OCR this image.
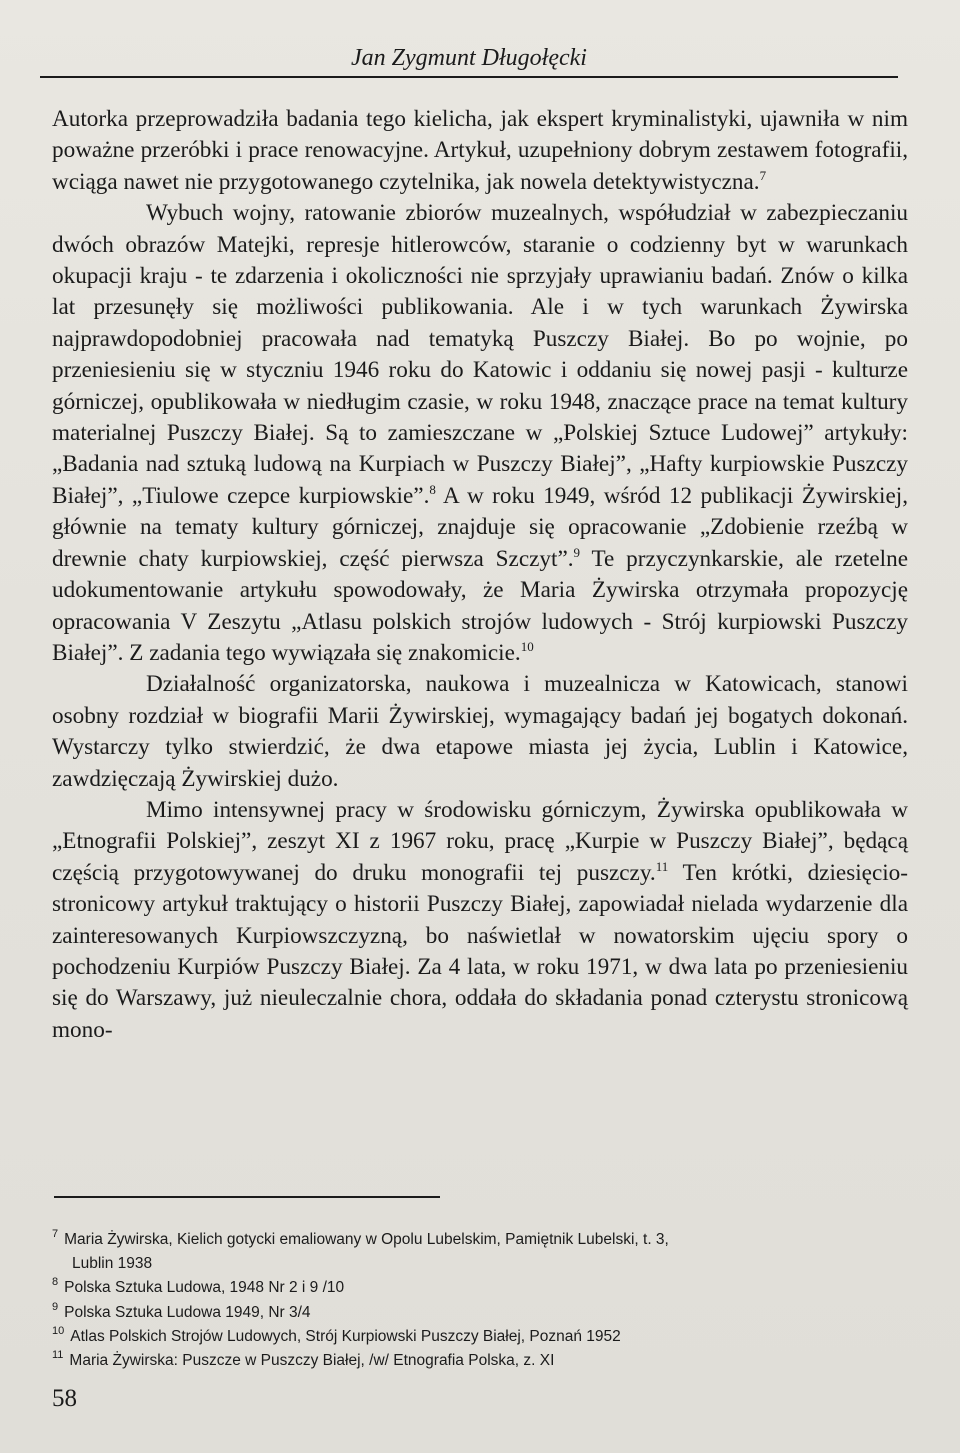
Jan Zygmunt Długołęcki

Autorka przeprowadziła badania tego kielicha, jak ekspert kryminalistyki, ujawniła w nim poważne przeróbki i prace renowacyjne. Artykuł, uzupełniony dobrym zestawem fotografii, wciąga nawet nie przygotowanego czytelnika, jak nowela detektywistyczna.$^7$

Wybuch wojny, ratowanie zbiorów muzealnych, współudział w zabezpieczaniu dwóch obrazów Matejki, represje hitlerowców, staranie o codzienny byt w warunkach okupacji kraju - te zdarzenia i okoliczności nie sprzyjały uprawianiu badań. Znów o kilka lat przesunęły się możliwości publikowania. Ale i w tych warunkach Żywirska najprawdopodobniej pracowała nad tematyką Puszczy Białej. Bo po wojnie, po przeniesieniu się w styczniu 1946 roku do Katowic i oddaniu się nowej pasji - kulturze górniczej, opublikowała w niedługim czasie, w roku 1948, znaczące prace na temat kultury materialnej Puszczy Białej. Są to zamieszczane w „Polskiej Sztuce Ludowej” artykuły: „Badania nad sztuką ludową na Kurpiach w Puszczy Białej”, „Hafty kurpiowskie Puszczy Białej”, „Tiulowe czepce kurpiowskie”.$^8$ A w roku 1949, wśród 12 publikacji Żywirskiej, głównie na tematy kultury górniczej, znajduje się opracowanie „Zdobienie rzeźbą w drewnie chaty kurpiowskiej, część pierwsza Szczyt”.$^9$ Te przyczynkarskie, ale rzetelne udokumentowanie artykułu spowodowały, że Maria Żywirska otrzymała propozycję opracowania V Zeszytu „Atlasu polskich strojów ludowych - Strój kurpiowski Puszczy Białej”. Z zadania tego wywiązała się znakomicie.$^{10}$

Działalność organizatorska, naukowa i muzealnicza w Katowicach, stanowi osobny rozdział w biografii Marii Żywirskiej, wymagający badań jej bogatych dokonań. Wystarczy tylko stwierdzić, że dwa etapowe miasta jej życia, Lublin i Katowice, zawdzięczają Żywirskiej dużo.

Mimo intensywnej pracy w środowisku górniczym, Żywirska opublikowała w „Etnografii Polskiej”, zeszyt XI z 1967 roku, pracę „Kurpie w Puszczy Białej”, będącą częścią przygotowywanej do druku monografii tej puszczy.$^{11}$ Ten krótki, dziesięcio-stronicowy artykuł traktujący o historii Puszczy Białej, zapowiadał nielada wydarzenie dla zainteresowanych Kurpiowszczyzną, bo naświetlał w nowatorskim ujęciu spory o pochodzeniu Kurpiów Puszczy Białej. Za 4 lata, w roku 1971, w dwa lata po przeniesieniu się do Warszawy, już nieuleczalnie chora, oddała do składania ponad czterystu stronicową mono-

$^7$ Maria Żywirska, Kielich gotycki emaliowany w Opolu Lubelskim, Pamiętnik Lubelski, t. 3,
Lublin 1938

$^8$ Polska Sztuka Ludowa, 1948 Nr 2 i 9 /10

$^9$ Polska Sztuka Ludowa 1949, Nr 3/4

$^{10}$ Atlas Polskich Strojów Ludowych, Strój Kurpiowski Puszczy Białej, Poznań 1952

$^{11}$ Maria Żywirska: Puszcze w Puszczy Białej, /w/ Etnografia Polska, z. XI

58
